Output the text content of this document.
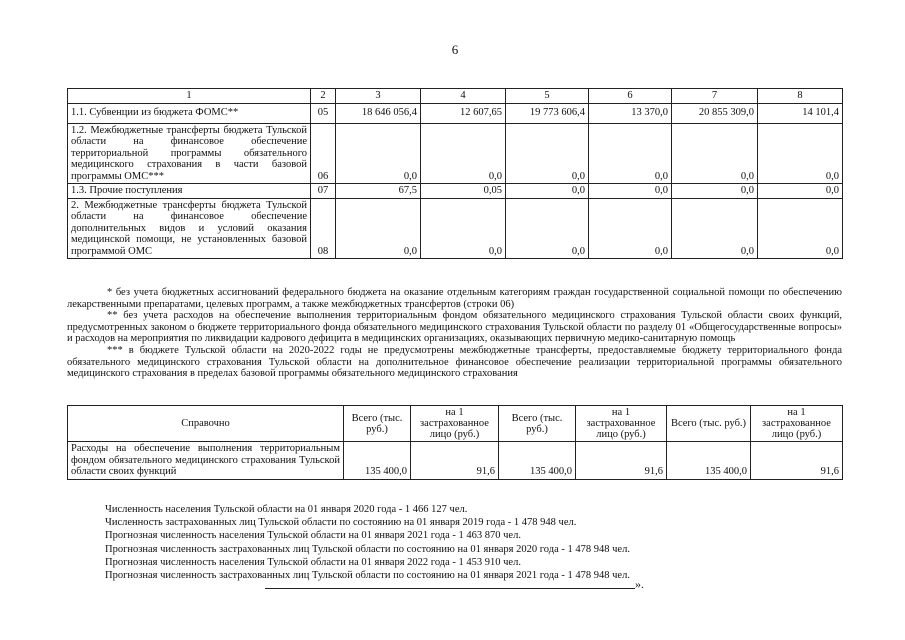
6
1	2	3	4	5	6	7	8
1.1. Субвенции из бюджета ФОМС**	05	18 646 056,4	12 607,65	19 773 606,4	13 370,0	20 855 309,0	14 101,4
1.2. Межбюджетные трансферты бюджета Тульской области на финансовое обеспечение территориальной программы обязательного медицинского страхования в части базовой программы ОМС***	06	0,0	0,0	0,0	0,0	0,0	0,0
1.3. Прочие поступления	07	67,5	0,05	0,0	0,0	0,0	0,0
2. Межбюджетные трансферты бюджета Тульской области на финансовое обеспечение дополнительных видов и условий оказания медицинской помощи, не установленных базовой программой ОМС	08	0,0	0,0	0,0	0,0	0,0	0,0

* без учета бюджетных ассигнований федерального бюджета на оказание отдельным категориям граждан государственной социальной помощи по обеспечению лекарственными препаратами, целевых программ, а также межбюджетных трансфертов (строки 06)

** без учета расходов на обеспечение выполнения территориальным фондом обязательного медицинского страхования Тульской области своих функций, предусмотренных законом о бюджете территориального фонда обязательного медицинского страхования Тульской области по разделу 01 «Общегосударственные вопросы» и расходов на мероприятия по ликвидации кадрового дефицита в медицинских организациях, оказывающих первичную медико-санитарную помощь

*** в бюджете Тульской области на 2020-2022 годы не предусмотрены межбюджетные трансферты, предоставляемые бюджету территориального фонда обязательного медицинского страхования Тульской области на дополнительное финансовое обеспечение реализации территориальной программы обязательного медицинского страхования в пределах базовой программы обязательного медицинского страхования

Справочно	Всего (тыс. руб.)	на 1 застрахованное лицо (руб.)	Всего (тыс. руб.)	на 1 застрахованное лицо (руб.)	Всего (тыс. руб.)	на 1 застрахованное лицо (руб.)
Расходы на обеспечение выполнения территориальным фондом обязательного медицинского страхования Тульской области своих функций	135 400,0	91,6	135 400,0	91,6	135 400,0	91,6

Численность населения Тульской области на 01 января 2020 года - 1 466 127 чел.

Численность застрахованных лиц Тульской области по состоянию на 01 января 2019 года - 1 478 948 чел.

Прогнозная численность населения Тульской области на 01 января 2021 года - 1 463 870 чел.

Прогнозная численность застрахованных лиц Тульской области по состоянию на 01 января 2020 года - 1 478 948 чел.

Прогнозная численность населения Тульской области на 01 января 2022 года - 1 453 910 чел.

Прогнозная численность застрахованных лиц Тульской области по состоянию на 01 января 2021 года - 1 478 948 чел.

».
